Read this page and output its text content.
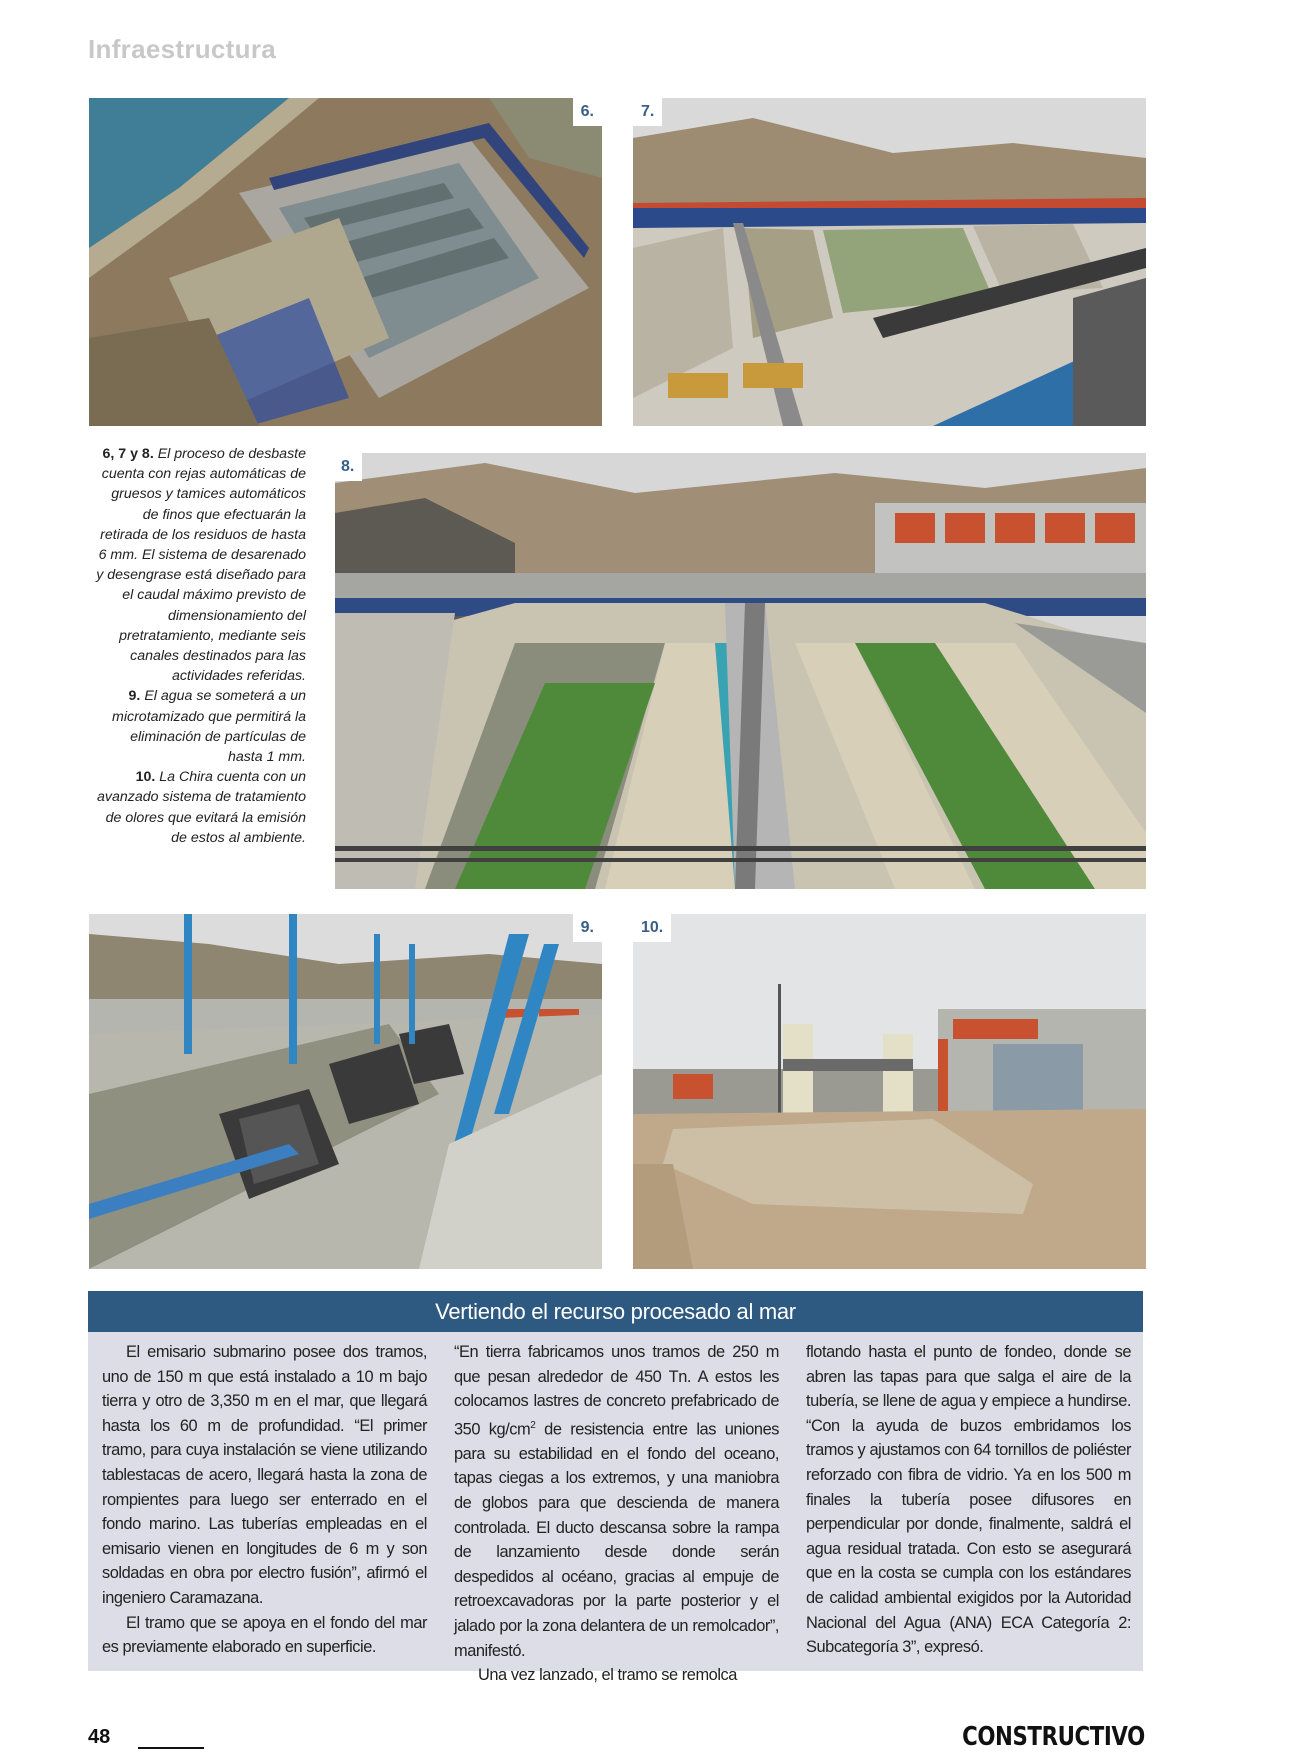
Infraestructura
6.	7.

6, 7 y 8. El proceso de desbaste cuenta con rejas automáticas de gruesos y tamices automáticos de finos que efectuarán la retirada de los residuos de hasta 6 mm. El sistema de desarenado y desengrase está diseñado para el caudal máximo previsto de dimensionamiento del pretratamiento, mediante seis canales destinados para las actividades referidas.

9. El agua se someterá a un microtamizado que permitirá la eliminación de partículas de hasta 1 mm.

10. La Chira cuenta con un avanzado sistema de tratamiento de olores que evitará la emisión de estos al ambiente.

8.
9.	10.
Vertiendo el recurso procesado al mar

El emisario submarino posee dos tramos, uno de 150 m que está instalado a 10 m bajo tierra y otro de 3,350 m en el mar, que llegará hasta los 60 m de profundidad. “El primer tramo, para cuya instalación se viene utilizando tablestacas de acero, llegará hasta la zona de rompientes para luego ser enterrado en el fondo marino. Las tuberías empleadas en el emisario vienen en longitudes de 6 m y son soldadas en obra por electro fusión”, afirmó el ingeniero Caramazana.

El tramo que se apoya en el fondo del mar es previamente elaborado en superficie.

“En tierra fabricamos unos tramos de 250 m que pesan alrededor de 450 Tn. A estos les colocamos lastres de concreto prefabricado de 350 $kg/cm^2$ de resistencia entre las uniones para su estabilidad en el fondo del oceano, tapas ciegas a los extremos, y una maniobra de globos para que descienda de manera controlada. El ducto descansa sobre la rampa de lanzamiento desde donde serán despedidos al océano, gracias al empuje de retroexcavadoras por la parte posterior y el jalado por la zona delantera de un remolcador”, manifestó.

Una vez lanzado, el tramo se remolca

flotando hasta el punto de fondeo, donde se abren las tapas para que salga el aire de la tubería, se llene de agua y empiece a hundirse. “Con la ayuda de buzos embridamos los tramos y ajustamos con 64 tornillos de poliéster reforzado con fibra de vidrio. Ya en los 500 m finales la tubería posee difusores en perpendicular por donde, finalmente, saldrá el agua residual tratada. Con esto se asegurará que en la costa se cumpla con los estándares de calidad ambiental exigidos por la Autoridad Nacional del Agua (ANA) ECA Categoría 2: Subcategoría 3”, expresó.

48	CONSTRUCTIVO
